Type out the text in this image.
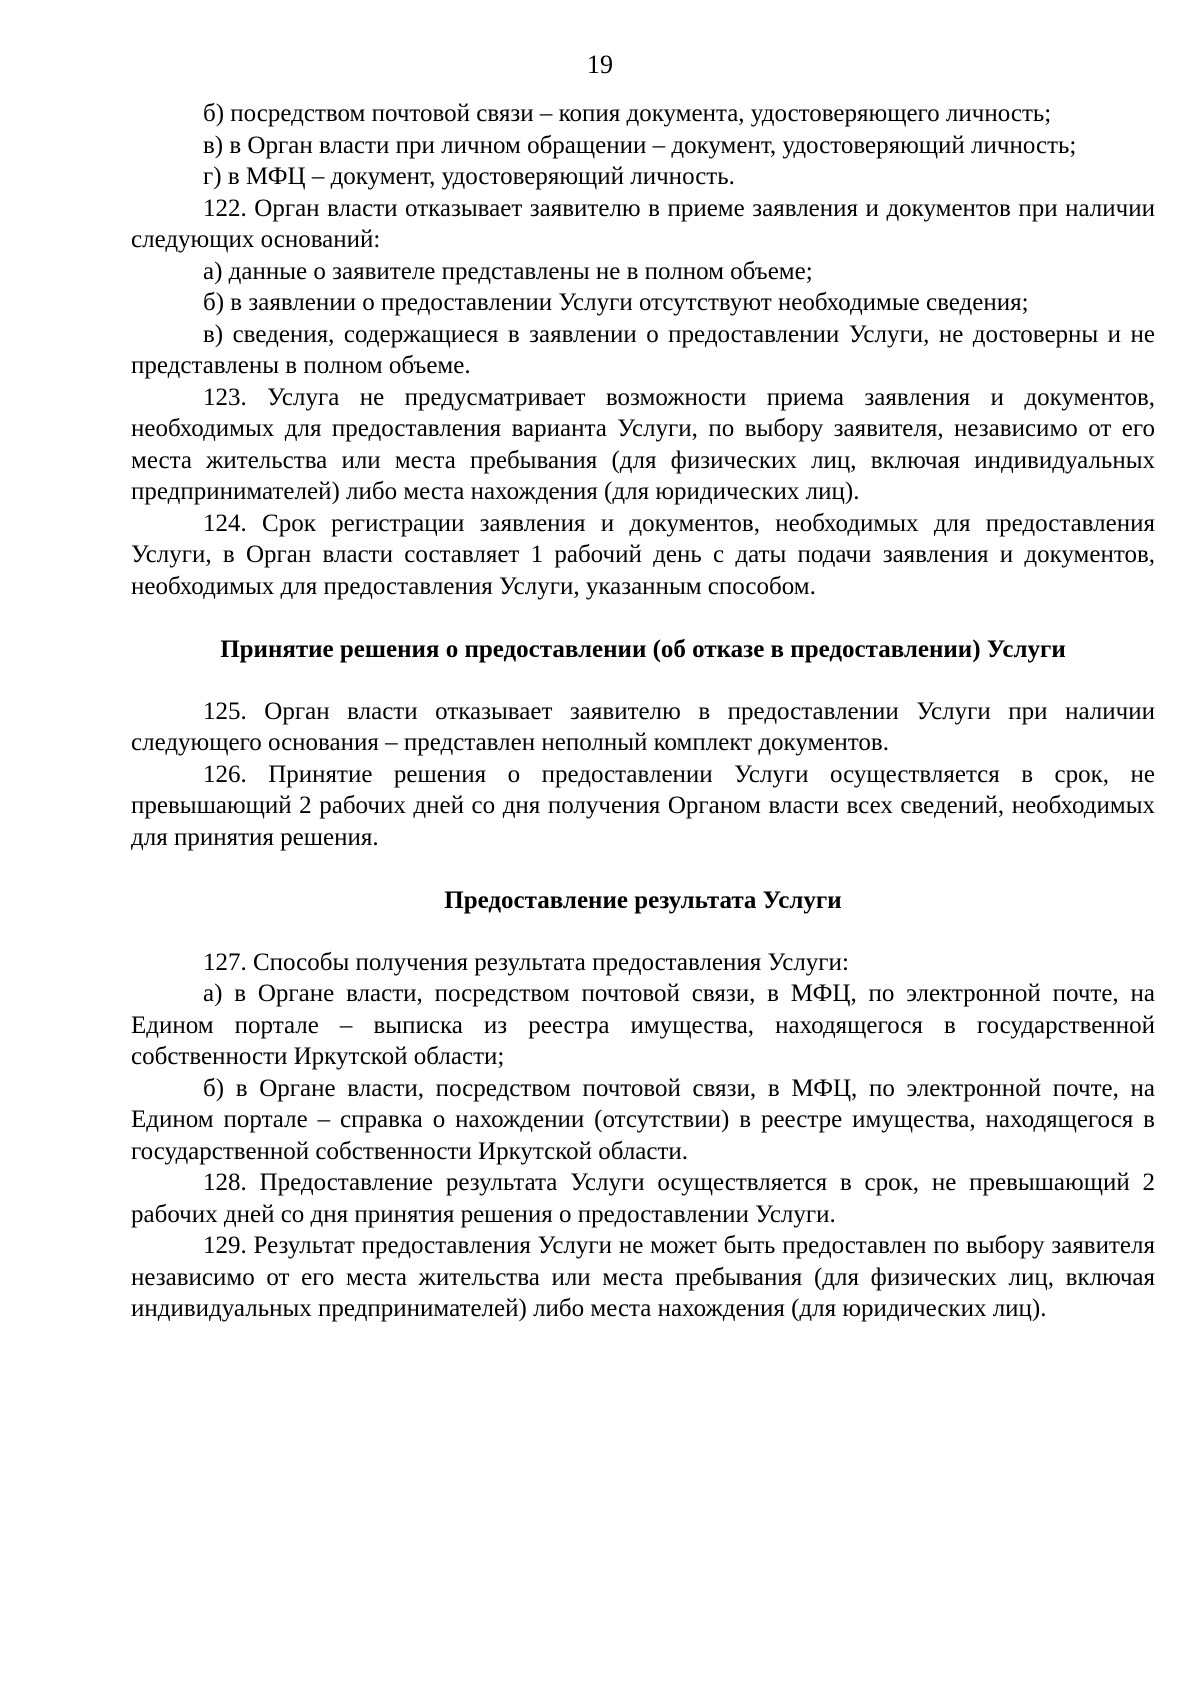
19

б) посредством почтовой связи – копия документа, удостоверяющего личность;

в) в Орган власти при личном обращении – документ, удостоверяющий личность;

г) в МФЦ – документ, удостоверяющий личность.

122. Орган власти отказывает заявителю в приеме заявления и документов при наличии следующих оснований:

а) данные о заявителе представлены не в полном объеме;

б) в заявлении о предоставлении Услуги отсутствуют необходимые сведения;

в) сведения, содержащиеся в заявлении о предоставлении Услуги, не достоверны и не представлены в полном объеме.

123. Услуга не предусматривает возможности приема заявления и документов, необходимых для предоставления варианта Услуги, по выбору заявителя, независимо от его места жительства или места пребывания (для физических лиц, включая индивидуальных предпринимателей) либо места нахождения (для юридических лиц).

124. Срок регистрации заявления и документов, необходимых для предоставления Услуги, в Орган власти составляет 1 рабочий день с даты подачи заявления и документов, необходимых для предоставления Услуги, указанным способом.

Принятие решения о предоставлении (об отказе в предоставлении) Услуги

125. Орган власти отказывает заявителю в предоставлении Услуги при наличии следующего основания – представлен неполный комплект документов.

126. Принятие решения о предоставлении Услуги осуществляется в срок, не превышающий 2 рабочих дней со дня получения Органом власти всех сведений, необходимых для принятия решения.

Предоставление результата Услуги

127. Способы получения результата предоставления Услуги:

а) в Органе власти, посредством почтовой связи, в МФЦ, по электронной почте, на Едином портале – выписка из реестра имущества, находящегося в государственной собственности Иркутской области;

б) в Органе власти, посредством почтовой связи, в МФЦ, по электронной почте, на Едином портале – справка о нахождении (отсутствии) в реестре имущества, находящегося в государственной собственности Иркутской области.

128. Предоставление результата Услуги осуществляется в срок, не превышающий 2 рабочих дней со дня принятия решения о предоставлении Услуги.

129. Результат предоставления Услуги не может быть предоставлен по выбору заявителя независимо от его места жительства или места пребывания (для физических лиц, включая индивидуальных предпринимателей) либо места нахождения (для юридических лиц).
